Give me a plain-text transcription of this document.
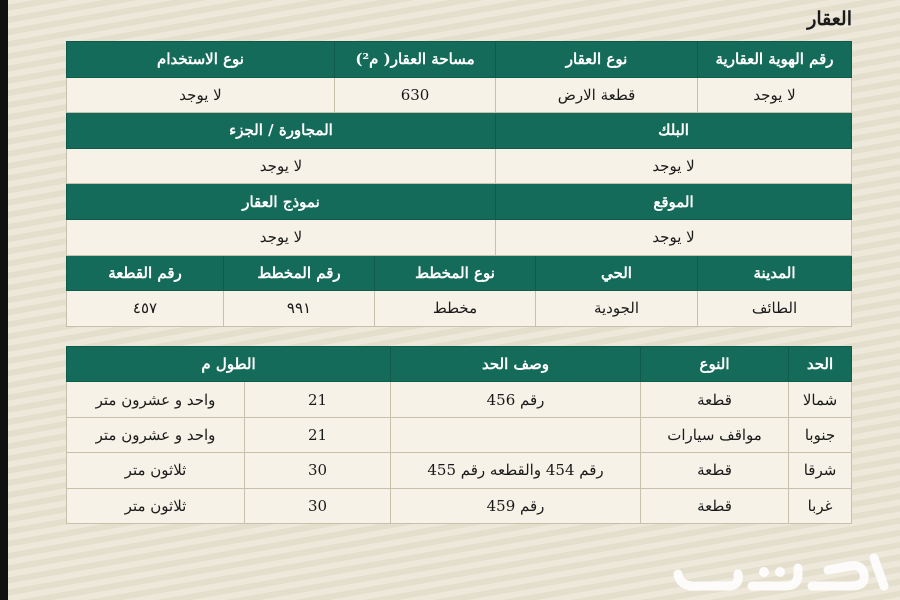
العقار
رقم الهوية العقارية	نوع العقار		مساحة العقار( م²)		نوع الاستخدام	
لا يوجد	قطعة الارض		630		لا يوجد	
البلك			المجاورة / الجزء			
لا يوجد			لا يوجد			
الموقع			نموذج العقار			
لا يوجد			لا يوجد			
المدينة	الحي	نوع المخطط		رقم المخطط		رقم القطعة
الطائف	الجودية	مخطط		٩٩١		٤٥٧
الحد	النوع	وصف الحد	الطول م	
شمالا	قطعة	رقم 456	21	واحد و عشرون متر
جنوبا	مواقف سيارات		21	واحد و عشرون متر
شرقا	قطعة	رقم 454 والقطعه رقم 455	30	ثلاثون متر
غربا	قطعة	رقم 459	30	ثلاثون متر
